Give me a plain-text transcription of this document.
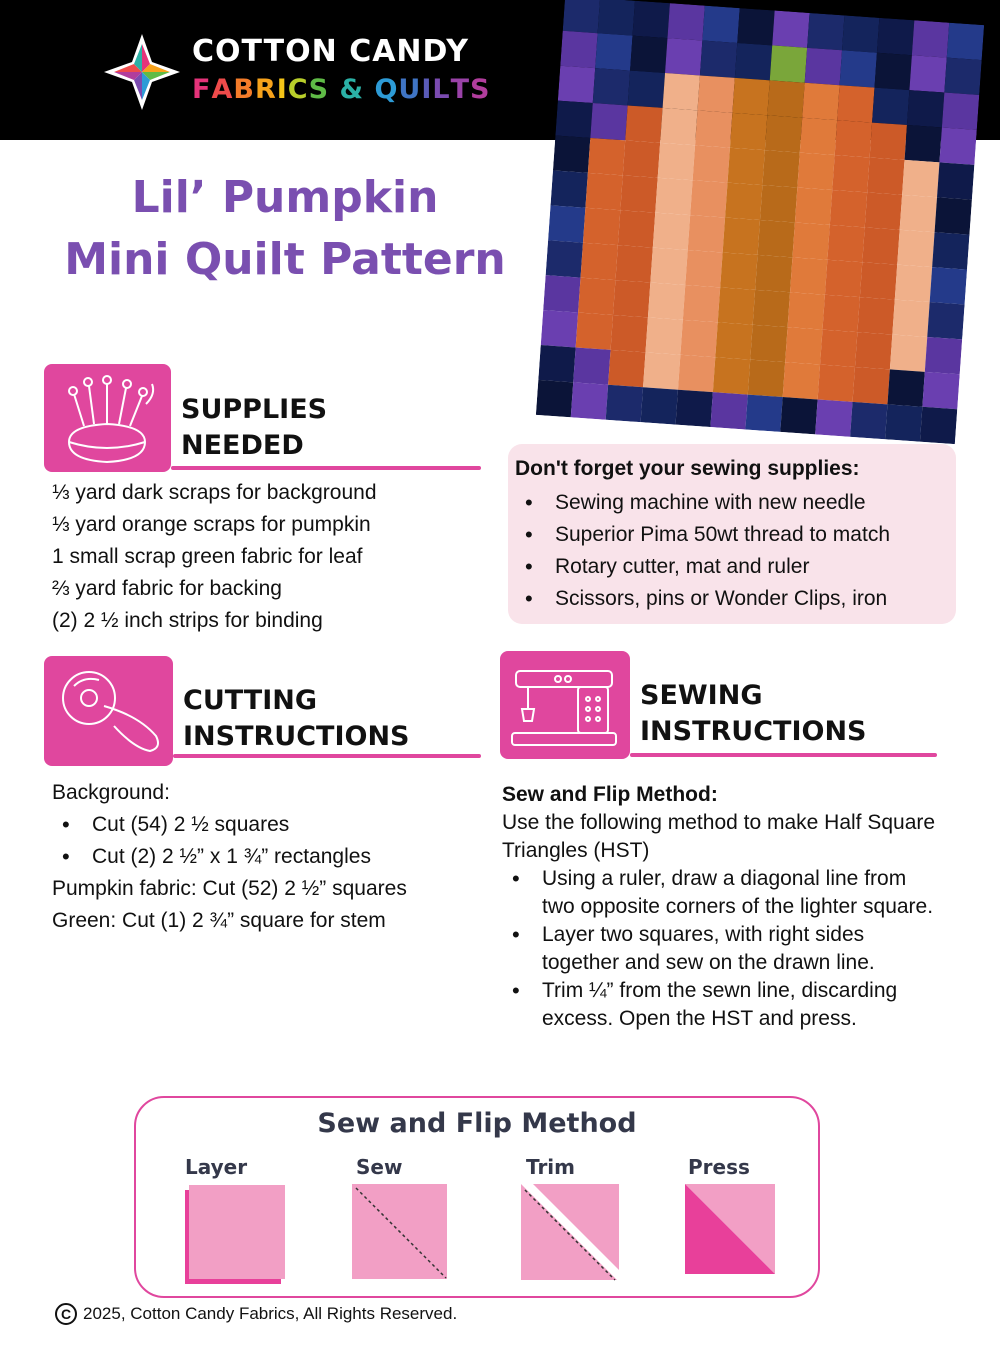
COTTON CANDY
FABRICS & QUILTS
Lil’ Pumpkin
Mini Quilt Pattern
SUPPLIES
NEEDED
⅓ yard dark scraps for background
⅓ yard orange scraps for pumpkin
1 small scrap green fabric for leaf
⅔ yard fabric for backing
(2) 2 ½ inch strips for binding
Don't forget your sewing supplies:
• Sewing machine with new needle
• Superior Pima 50wt thread to match
• Rotary cutter, mat and ruler
• Scissors, pins or Wonder Clips, iron
CUTTING
INSTRUCTIONS
Background:
• Cut (54) 2 ½ squares
• Cut (2) 2 ½” x 1 ¾” rectangles
Pumpkin fabric: Cut (52) 2 ½” squares
Green: Cut (1) 2 ¾” square for stem
SEWING
INSTRUCTIONS
Sew and Flip Method:
Use the following method to make Half Square Triangles (HST)
• Using a ruler, draw a diagonal line from two opposite corners of the lighter square.
• Layer two squares, with right sides together and sew on the drawn line.
• Trim ¼” from the sewn line, discarding excess. Open the HST and press.
Sew and Flip Method
Layer	Sew	Trim	Press
C 2025, Cotton Candy Fabrics, All Rights Reserved.
